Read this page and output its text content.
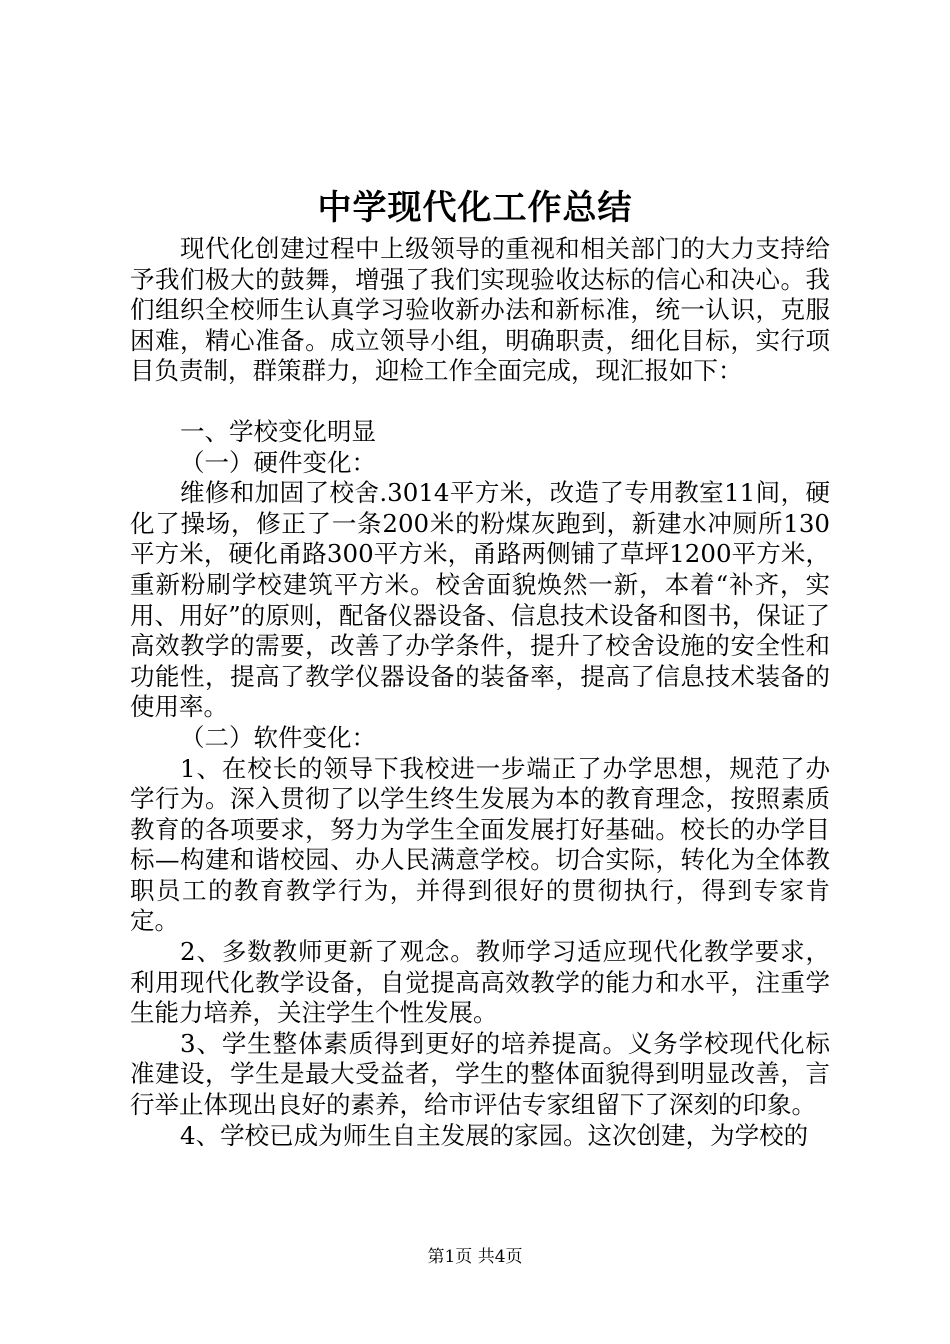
中学现代化工作总结

现代化创建过程中上级领导的重视和相关部门的大力支持给予我们极大的鼓舞，增强了我们实现验收达标的信心和决心。我们组织全校师生认真学习验收新办法和新标准，统一认识，克服困难，精心准备。成立领导小组，明确职责，细化目标，实行项目负责制，群策群力，迎检工作全面完成，现汇报如下：

一、学校变化明显

（一）硬件变化：

维修和加固了校舍.3014平方米，改造了专用教室11间，硬化了操场，修正了一条200米的粉煤灰跑到，新建水冲厕所130平方米，硬化甬路300平方米，甬路两侧铺了草坪1200平方米，重新粉刷学校建筑平方米。校舍面貌焕然一新，本着“补齐，实用、用好”的原则，配备仪器设备、信息技术设备和图书，保证了高效教学的需要，改善了办学条件，提升了校舍设施的安全性和功能性，提高了教学仪器设备的装备率，提高了信息技术装备的使用率。

（二）软件变化：

1、在校长的领导下我校进一步端正了办学思想，规范了办学行为。深入贯彻了以学生终生发展为本的教育理念，按照素质教育的各项要求，努力为学生全面发展打好基础。校长的办学目标—构建和谐校园、办人民满意学校。切合实际，转化为全体教职员工的教育教学行为，并得到很好的贯彻执行，得到专家肯定。

2、多数教师更新了观念。教师学习适应现代化教学要求，利用现代化教学设备，自觉提高高效教学的能力和水平，注重学生能力培养，关注学生个性发展。

3、学生整体素质得到更好的培养提高。义务学校现代化标准建设，学生是最大受益者，学生的整体面貌得到明显改善，言行举止体现出良好的素养，给市评估专家组留下了深刻的印象。

4、学校已成为师生自主发展的家园。这次创建，为学校的

第1页 共4页
